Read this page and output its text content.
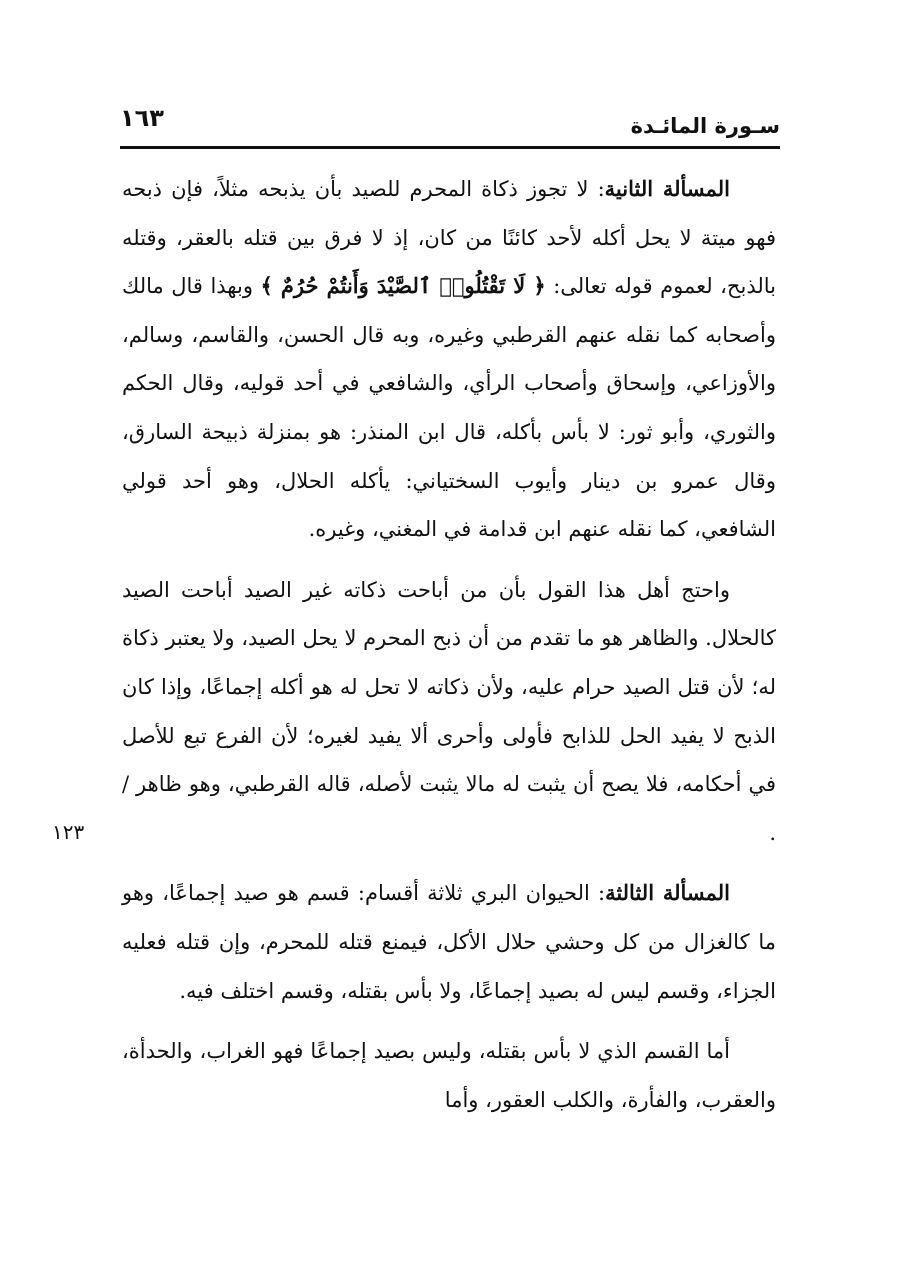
سـورة المائـدة
١٦٣

المسألة الثانية: لا تجوز ذكاة المحرم للصيد بأن يذبحه مثلاً، فإن ذبحه فهو ميتة لا يحل أكله لأحد كائنًا من كان، إذ لا فرق بين قتله بالعقر، وقتله بالذبح، لعموم قوله تعالى: ﴿ لَا تَقْتُلُوا۟ ٱلصَّيْدَ وَأَنتُمْ حُرُمٌ ﴾ وبهذا قال مالك وأصحابه كما نقله عنهم القرطبي وغيره، وبه قال الحسن، والقاسم، وسالم، والأوزاعي، وإسحاق وأصحاب الرأي، والشافعي في أحد قوليه، وقال الحكم والثوري، وأبو ثور: لا بأس بأكله، قال ابن المنذر: هو بمنزلة ذبيحة السارق، وقال عمرو بن دينار وأيوب السختياني: يأكله الحلال، وهو أحد قولي الشافعي، كما نقله عنهم ابن قدامة في المغني، وغيره.

واحتج أهل هذا القول بأن من أباحت ذكاته غير الصيد أباحت الصيد كالحلال. والظاهر هو ما تقدم من أن ذبح المحرم لا يحل الصيد، ولا يعتبر ذكاة له؛ لأن قتل الصيد حرام عليه، ولأن ذكاته لا تحل له هو أكله إجماعًا، وإذا كان الذبح لا يفيد الحل للذابح فأولى وأحرى ألا يفيد لغيره؛ لأن الفرع تبع للأصل في أحكامه، فلا يصح أن يثبت له مالا يثبت لأصله، قاله القرطبي، وهو ظاهر / .

المسألة الثالثة: الحيوان البري ثلاثة أقسام: قسم هو صيد إجماعًا، وهو ما كالغزال من كل وحشي حلال الأكل، فيمنع قتله للمحرم، وإن قتله فعليه الجزاء، وقسم ليس له بصيد إجماعًا، ولا بأس بقتله، وقسم اختلف فيه.

أما القسم الذي لا بأس بقتله، وليس بصيد إجماعًا فهو الغراب، والحدأة، والعقرب، والفأرة، والكلب العقور، وأما

١٢٣
